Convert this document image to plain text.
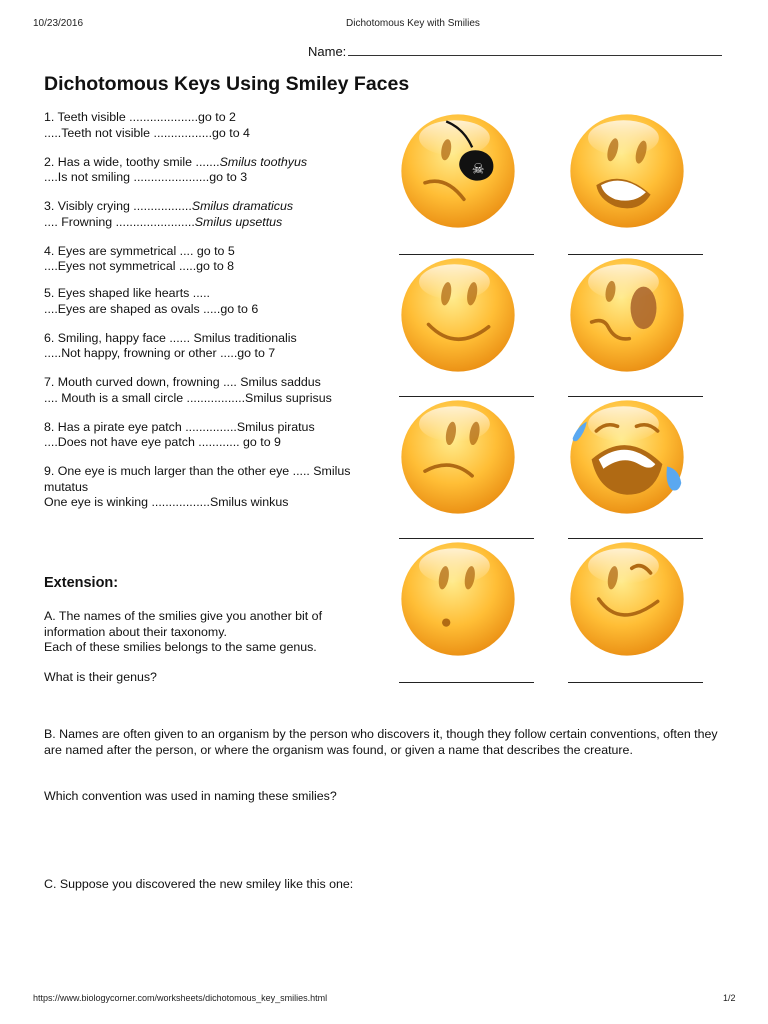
10/23/2016	Dichotomous Key with Smilies
Name:
Dichotomous Keys Using Smiley Faces

1. Teeth visible ....................go to 2
.....Teeth not visible .................go to 4

2. Has a wide, toothy smile .......Smilus toothyus
....Is not smiling ......................go to 3

3. Visibly crying .................Smilus dramaticus
.... Frowning .......................Smilus upsettus

4. Eyes are symmetrical .... go to 5
....Eyes not symmetrical .....go to 8

5. Eyes shaped like hearts .....
....Eyes are shaped as ovals .....go to 6

6. Smiling, happy face ...... Smilus traditionalis
.....Not happy, frowning or other .....go to 7

7. Mouth curved down, frowning .... Smilus saddus
.... Mouth is a small circle .................Smilus suprisus

8. Has a pirate eye patch ...............Smilus piratus
....Does not have eye patch ............ go to 9

9. One eye is much larger than the other eye ..... Smilus mutatus
One eye is winking .................Smilus winkus

Extension:

A. The names of the smilies give you another bit of information about their taxonomy.

Each of these smilies belongs to the same genus.

What is their genus?
B. Names are often given to an organism by the person who discovers it, though they follow certain conventions, often they are named after the person, or where the organism was found, or given a name that describes the creature.
Which convention was used in naming these smilies?
C. Suppose you discovered the new smiley like this one:
☠
https://www.biologycorner.com/worksheets/dichotomous_key_smilies.html	1/2
